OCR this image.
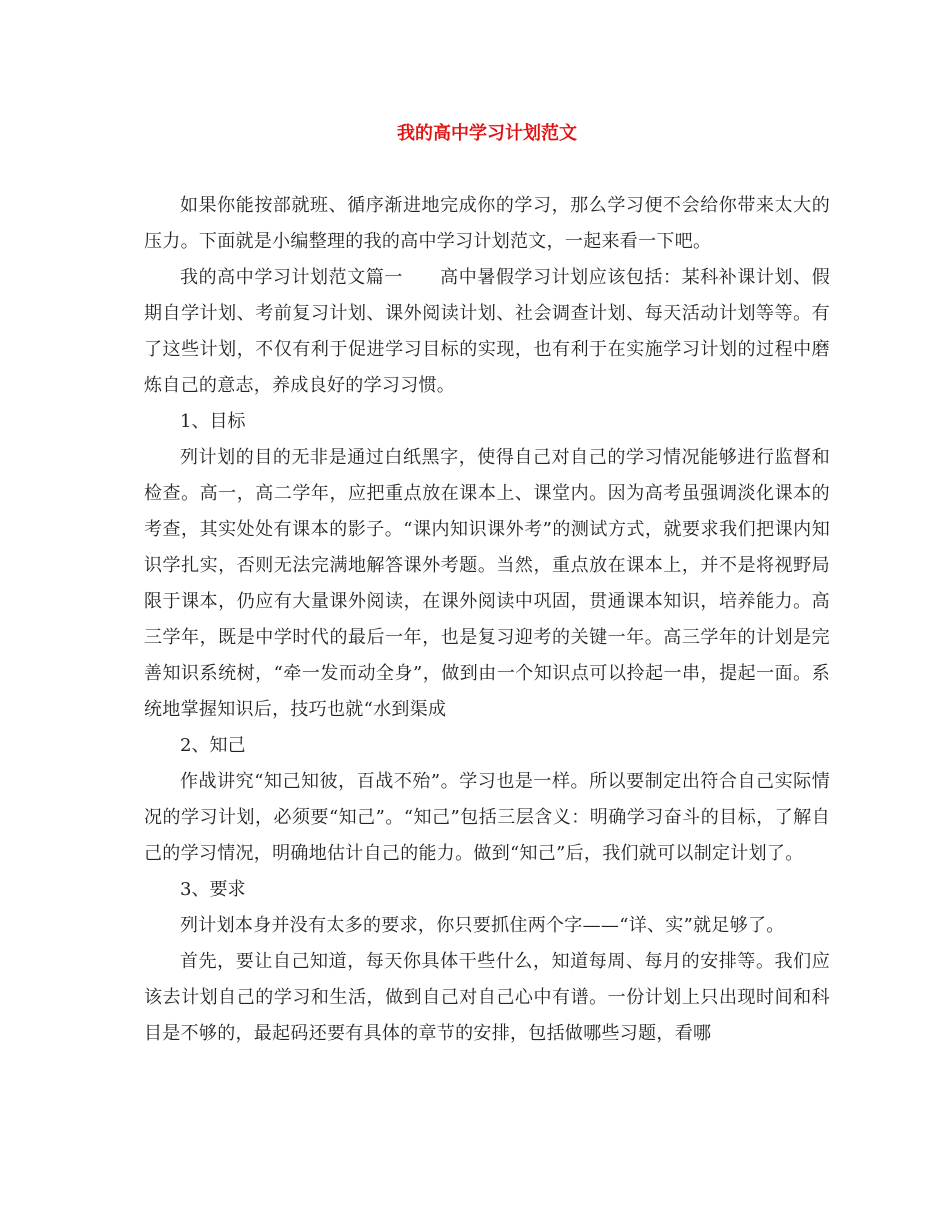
我的高中学习计划范文

如果你能按部就班、循序渐进地完成你的学习，那么学习便不会给你带来太大的压力。下面就是小编整理的我的高中学习计划范文，一起来看一下吧。

我的高中学习计划范文篇一　　高中暑假学习计划应该包括：某科补课计划、假期自学计划、考前复习计划、课外阅读计划、社会调查计划、每天活动计划等等。有了这些计划，不仅有利于促进学习目标的实现，也有利于在实施学习计划的过程中磨炼自己的意志，养成良好的学习习惯。

1、目标

列计划的目的无非是通过白纸黑字，使得自己对自己的学习情况能够进行监督和检查。高一，高二学年，应把重点放在课本上、课堂内。因为高考虽强调淡化课本的考查，其实处处有课本的影子。“课内知识课外考”的测试方式，就要求我们把课内知识学扎实，否则无法完满地解答课外考题。当然，重点放在课本上，并不是将视野局限于课本，仍应有大量课外阅读，在课外阅读中巩固，贯通课本知识，培养能力。高三学年，既是中学时代的最后一年，也是复习迎考的关键一年。高三学年的计划是完善知识系统树，“牵一发而动全身”，做到由一个知识点可以拎起一串，提起一面。系统地掌握知识后，技巧也就“水到渠成

2、知己

作战讲究“知己知彼，百战不殆”。学习也是一样。所以要制定出符合自己实际情况的学习计划，必须要“知己”。“知己”包括三层含义：明确学习奋斗的目标，了解自己的学习情况，明确地估计自己的能力。做到“知己”后，我们就可以制定计划了。

3、要求

列计划本身并没有太多的要求，你只要抓住两个字——“详、实”就足够了。

首先，要让自己知道，每天你具体干些什么，知道每周、每月的安排等。我们应该去计划自己的学习和生活，做到自己对自己心中有谱。一份计划上只出现时间和科目是不够的，最起码还要有具体的章节的安排，包括做哪些习题，看哪
